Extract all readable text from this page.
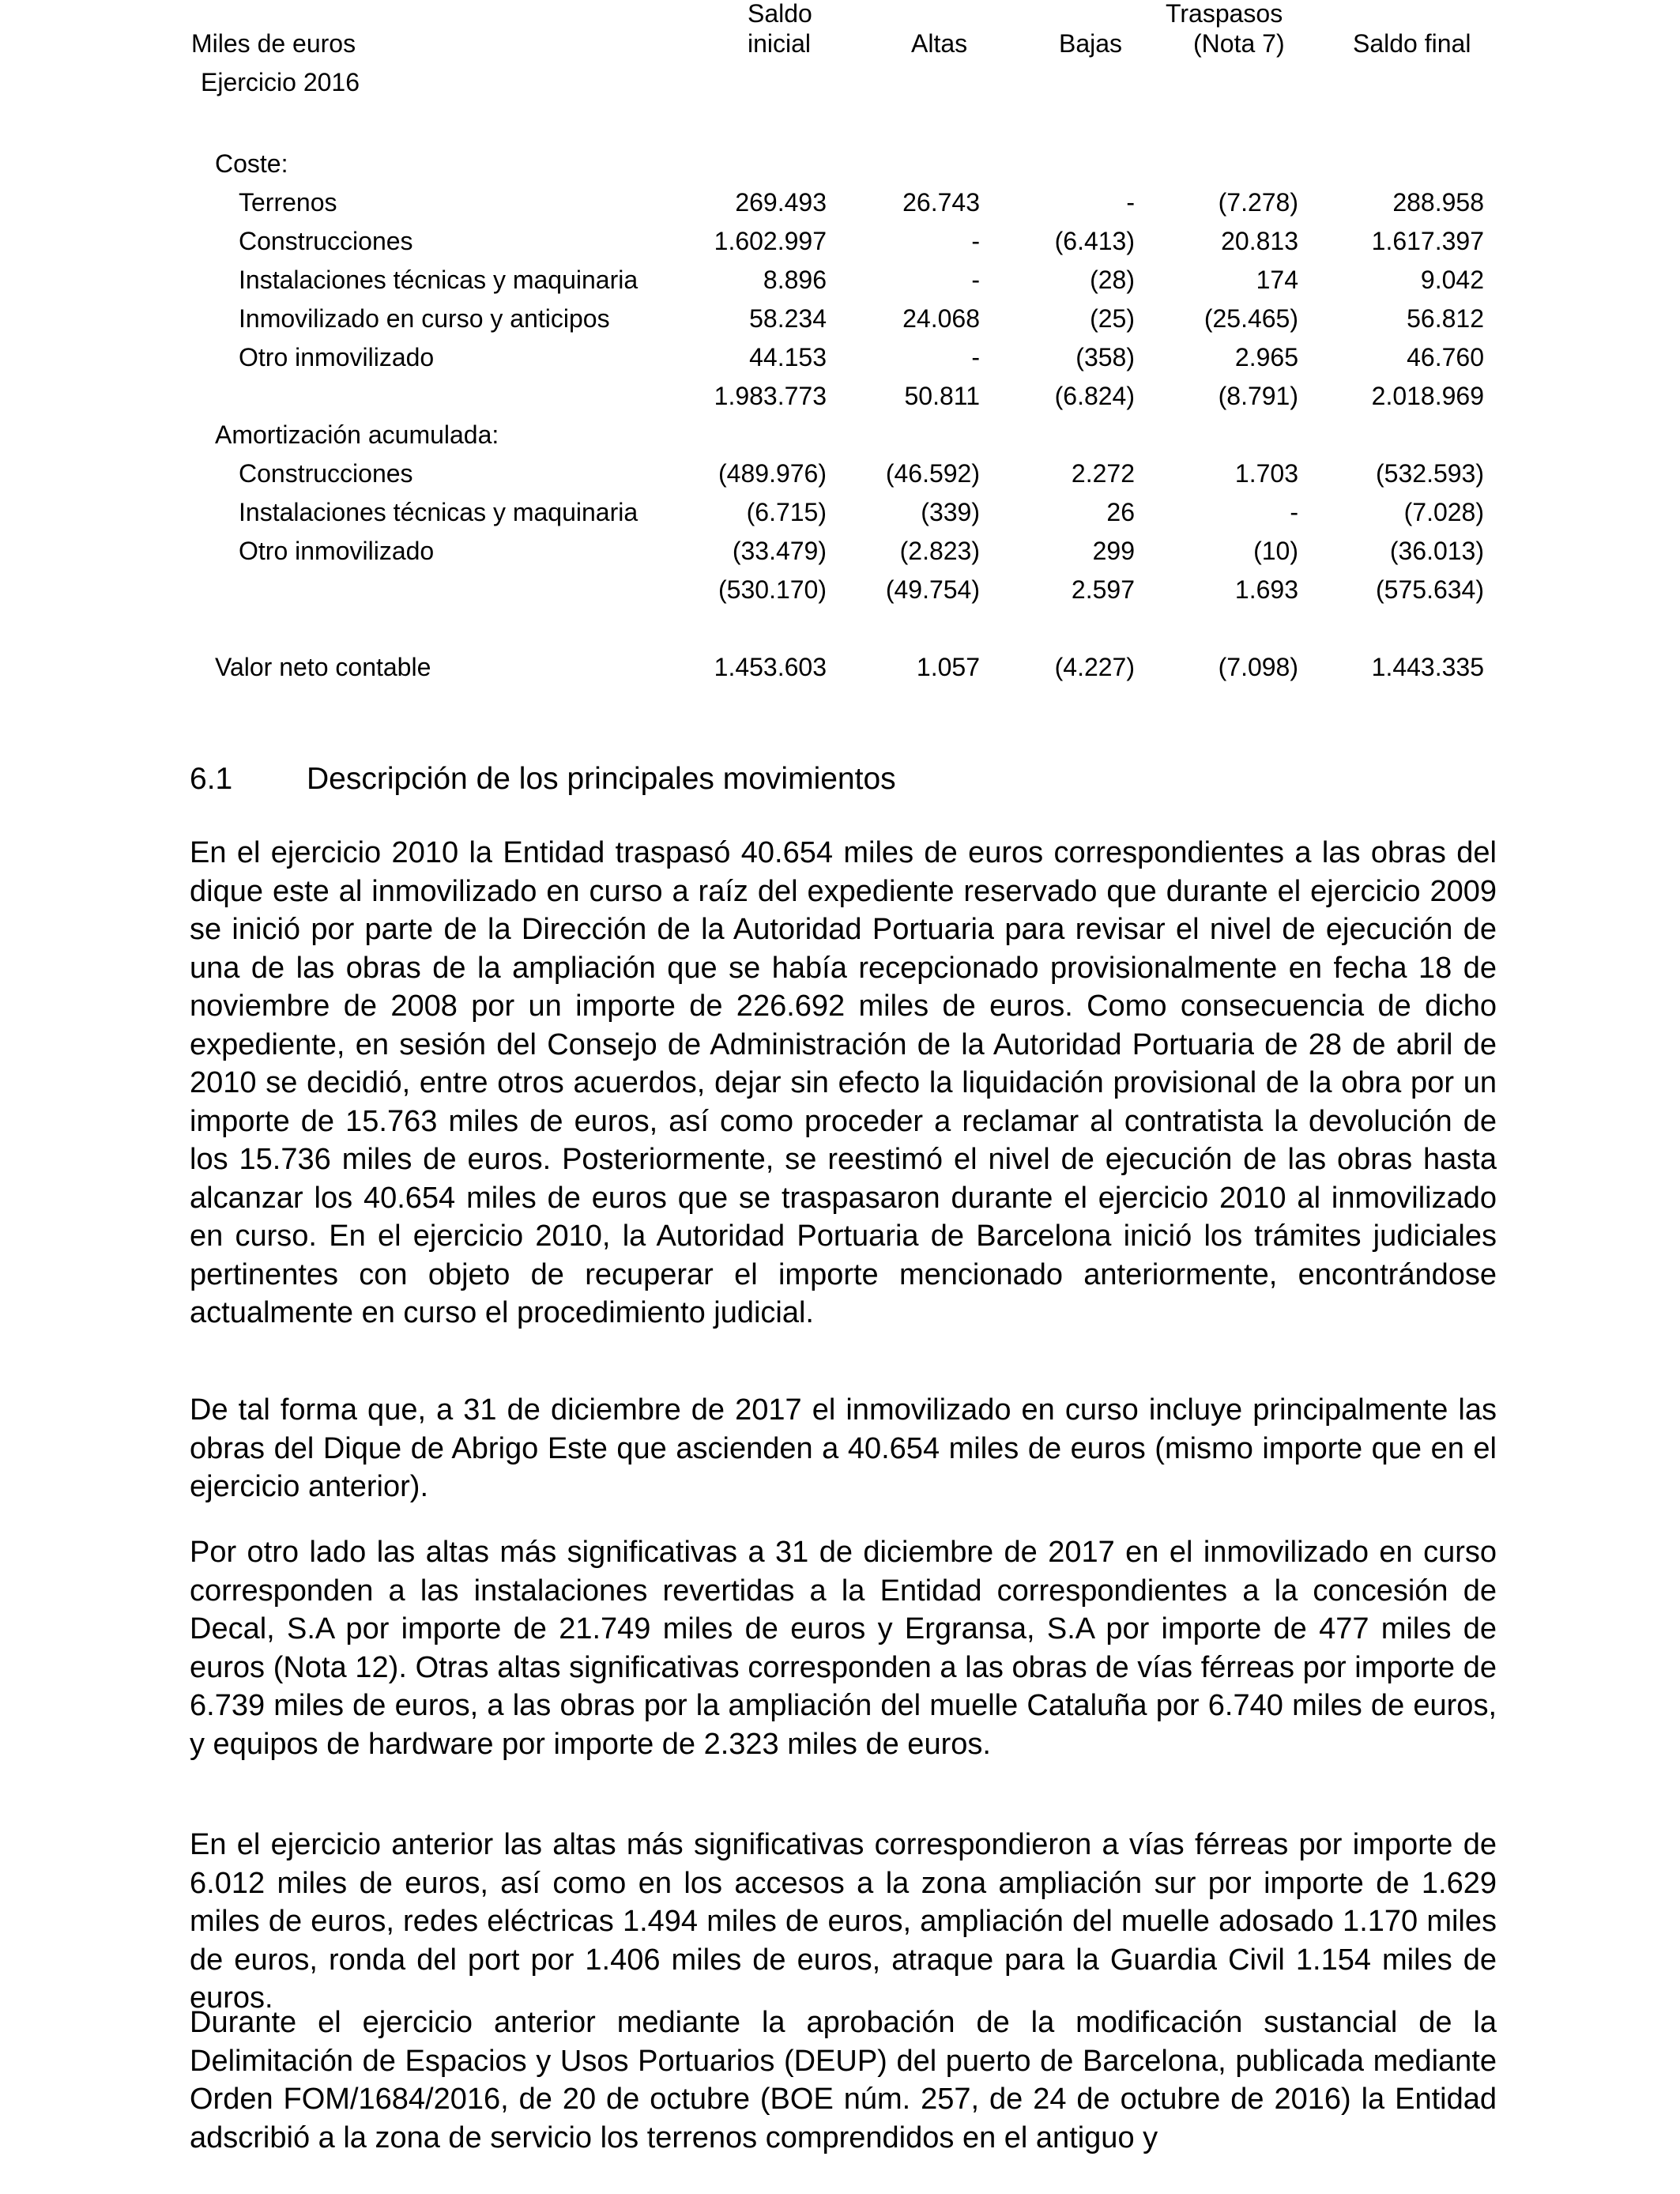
Miles de euros
Ejercicio 2016
Saldo
inicial	Altas	Bajas
Traspasos
(Nota 7)	Saldo final
Coste:
Terrenos	269.493	26.743	-	(7.278)	288.958
Construcciones	1.602.997	-	(6.413)	20.813	1.617.397
Instalaciones técnicas y maquinaria	8.896	-	(28)	174	9.042
Inmovilizado en curso y anticipos	58.234	24.068	(25)	(25.465)	56.812
Otro inmovilizado	44.153	-	(358)	2.965	46.760
1.983.773	50.811	(6.824)	(8.791)	2.018.969
Amortización acumulada:
Construcciones	(489.976) (46.592)	2.272	1.703	(532.593)
Instalaciones técnicas y maquinaria	(6.715)	(339)	26	-	(7.028)
Otro inmovilizado	(33.479)	(2.823)	299	(10)	(36.013)
(530.170) (49.754)	2.597	1.693	(575.634)
Valor neto contable	1.453.603	1.057	(4.227)	(7.098)	1.443.335
6.1 Descripción de los principales movimientos

En el ejercicio 2010 la Entidad traspasó 40.654 miles de euros correspondientes a las obras del dique este al inmovilizado en curso a raíz del expediente reservado que durante el ejercicio 2009 se inició por parte de la Dirección de la Autoridad Portuaria para revisar el nivel de ejecución de una de las obras de la ampliación que se había recepcionado provisionalmente en fecha 18 de noviembre de 2008 por un importe de 226.692 miles de euros. Como consecuencia de dicho expediente, en sesión del Consejo de Administración de la Autoridad Portuaria de 28 de abril de 2010 se decidió, entre otros acuerdos, dejar sin efecto la liquidación provisional de la obra por un importe de 15.763 miles de euros, así como proceder a reclamar al contratista la devolución de los 15.736 miles de euros. Posteriormente, se reestimó el nivel de ejecución de las obras hasta alcanzar los 40.654 miles de euros que se traspasaron durante el ejercicio 2010 al inmovilizado en curso. En el ejercicio 2010, la Autoridad Portuaria de Barcelona inició los trámites judiciales pertinentes con objeto de recuperar el importe mencionado anteriormente, encontrándose actualmente en curso el procedimiento judicial.

De tal forma que, a 31 de diciembre de 2017 el inmovilizado en curso incluye principalmente las obras del Dique de Abrigo Este que ascienden a 40.654 miles de euros (mismo importe que en el ejercicio anterior).

Por otro lado las altas más significativas a 31 de diciembre de 2017 en el inmovilizado en curso corresponden a las instalaciones revertidas a la Entidad correspondientes a la concesión de Decal, S.A por importe de 21.749 miles de euros y Ergransa, S.A por importe de 477 miles de euros (Nota 12). Otras altas significativas corresponden a las obras de vías férreas por importe de 6.739 miles de euros, a las obras por la ampliación del muelle Cataluña por 6.740 miles de euros, y equipos de hardware por importe de 2.323 miles de euros.

En el ejercicio anterior las altas más significativas correspondieron a vías férreas por importe de 6.012 miles de euros, así como en los accesos a la zona ampliación sur por importe de 1.629 miles de euros, redes eléctricas 1.494 miles de euros, ampliación del muelle adosado 1.170 miles de euros, ronda del port por 1.406 miles de euros, atraque para la Guardia Civil 1.154 miles de euros.

Durante el ejercicio anterior mediante la aprobación de la modificación sustancial de la Delimitación de Espacios y Usos Portuarios (DEUP) del puerto de Barcelona, publicada mediante Orden FOM/1684/2016, de 20 de octubre (BOE núm. 257, de 24 de octubre de 2016) la Entidad adscribió a la zona de servicio los terrenos comprendidos en el antiguo y
